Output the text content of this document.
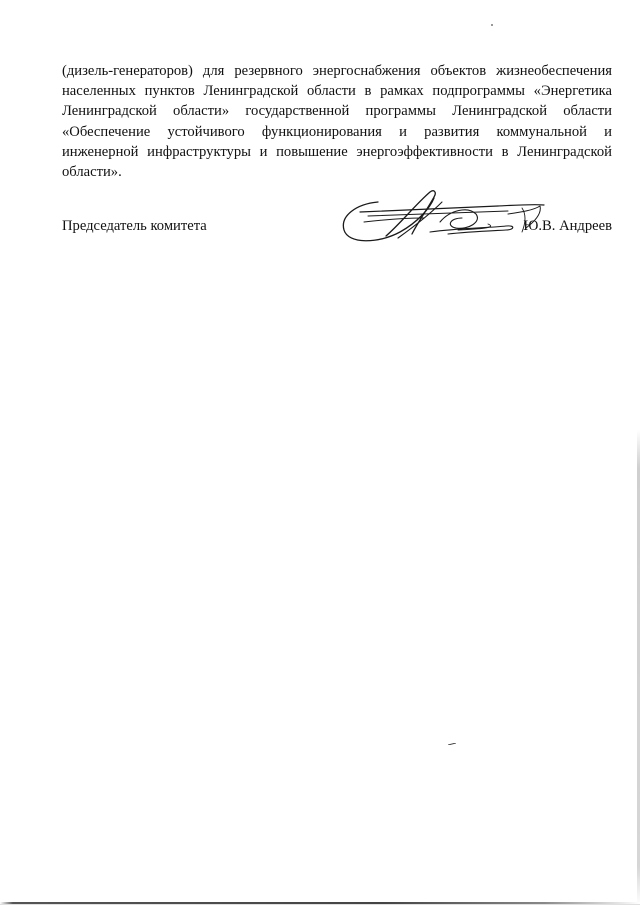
(дизель-генераторов) для резервного энергоснабжения объектов жизнеобеспечения
населенных пунктов Ленинградской области в рамках подпрограммы «Энергетика
Ленинградской области» государственной программы Ленинградской области
«Обеспечение устойчивого функционирования и развития коммунальной и
инженерной инфраструктуры и повышение энергоэффективности в Ленинградской
области».
Председатель комитета	Ю.В. Андреев
